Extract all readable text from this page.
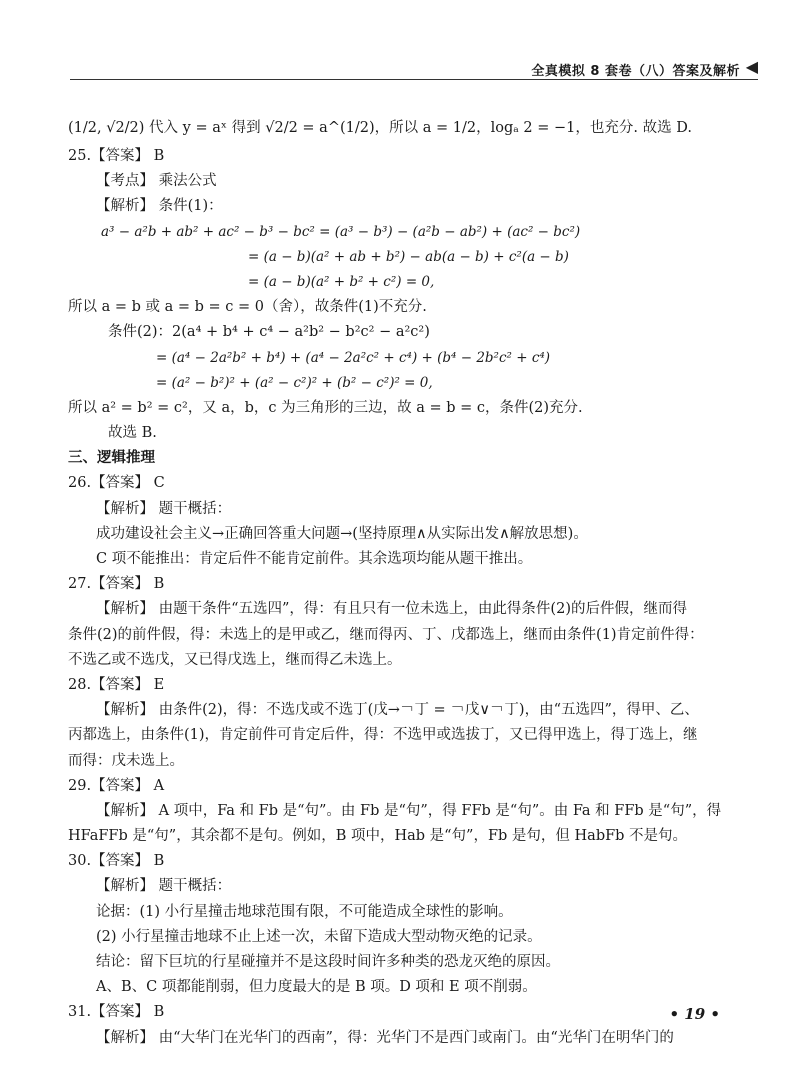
全真模拟 8 套卷（八）答案及解析 ◀
(1/2, √2/2) 代入 y = aˣ 得到 √2/2 = a^(1/2)，所以 a = 1/2，logₐ 2 = −1，也充分. 故选 D.
25.【答案】 B
【考点】 乘法公式
【解析】 条件(1)：
a³ − a²b + ab² + ac² − b³ − bc² = (a³ − b³) − (a²b − ab²) + (ac² − bc²)
= (a − b)(a² + ab + b²) − ab(a − b) + c²(a − b)
= (a − b)(a² + b² + c²) = 0,
所以 a = b 或 a = b = c = 0（舍），故条件(1)不充分.
条件(2)：2(a⁴ + b⁴ + c⁴ − a²b² − b²c² − a²c²)
= (a⁴ − 2a²b² + b⁴) + (a⁴ − 2a²c² + c⁴) + (b⁴ − 2b²c² + c⁴)
= (a² − b²)² + (a² − c²)² + (b² − c²)² = 0,
所以 a² = b² = c²，又 a，b，c 为三角形的三边，故 a = b = c，条件(2)充分.
故选 B.
三、逻辑推理
26.【答案】 C
【解析】 题干概括：
成功建设社会主义→正确回答重大问题→(坚持原理∧从实际出发∧解放思想)。
C 项不能推出：肯定后件不能肯定前件。其余选项均能从题干推出。
27.【答案】 B
【解析】 由题干条件“五选四”，得：有且只有一位未选上，由此得条件(2)的后件假，继而得
条件(2)的前件假，得：未选上的是甲或乙，继而得丙、丁、戊都选上，继而由条件(1)肯定前件得：
不选乙或不选戊，又已得戊选上，继而得乙未选上。
28.【答案】 E
【解析】 由条件(2)，得：不选戊或不选丁(戊→￢丁 = ￢戊∨￢丁)，由“五选四”，得甲、乙、
丙都选上，由条件(1)，肯定前件可肯定后件，得：不选甲或选拔丁，又已得甲选上，得丁选上，继
而得：戊未选上。
29.【答案】 A
【解析】 A 项中，Fa 和 Fb 是“句”。由 Fb 是“句”，得 FFb 是“句”。由 Fa 和 FFb 是“句”，得
HFaFFb 是“句”，其余都不是句。例如，B 项中，Hab 是“句”，Fb 是句，但 HabFb 不是句。
30.【答案】 B
【解析】 题干概括：
论据：(1) 小行星撞击地球范围有限，不可能造成全球性的影响。
(2) 小行星撞击地球不止上述一次，未留下造成大型动物灭绝的记录。
结论：留下巨坑的行星碰撞并不是这段时间许多种类的恐龙灭绝的原因。
A、B、C 项都能削弱，但力度最大的是 B 项。D 项和 E 项不削弱。
31.【答案】 B
【解析】 由“大华门在光华门的西南”，得：光华门不是西门或南门。由“光华门在明华门的
• 19 •
